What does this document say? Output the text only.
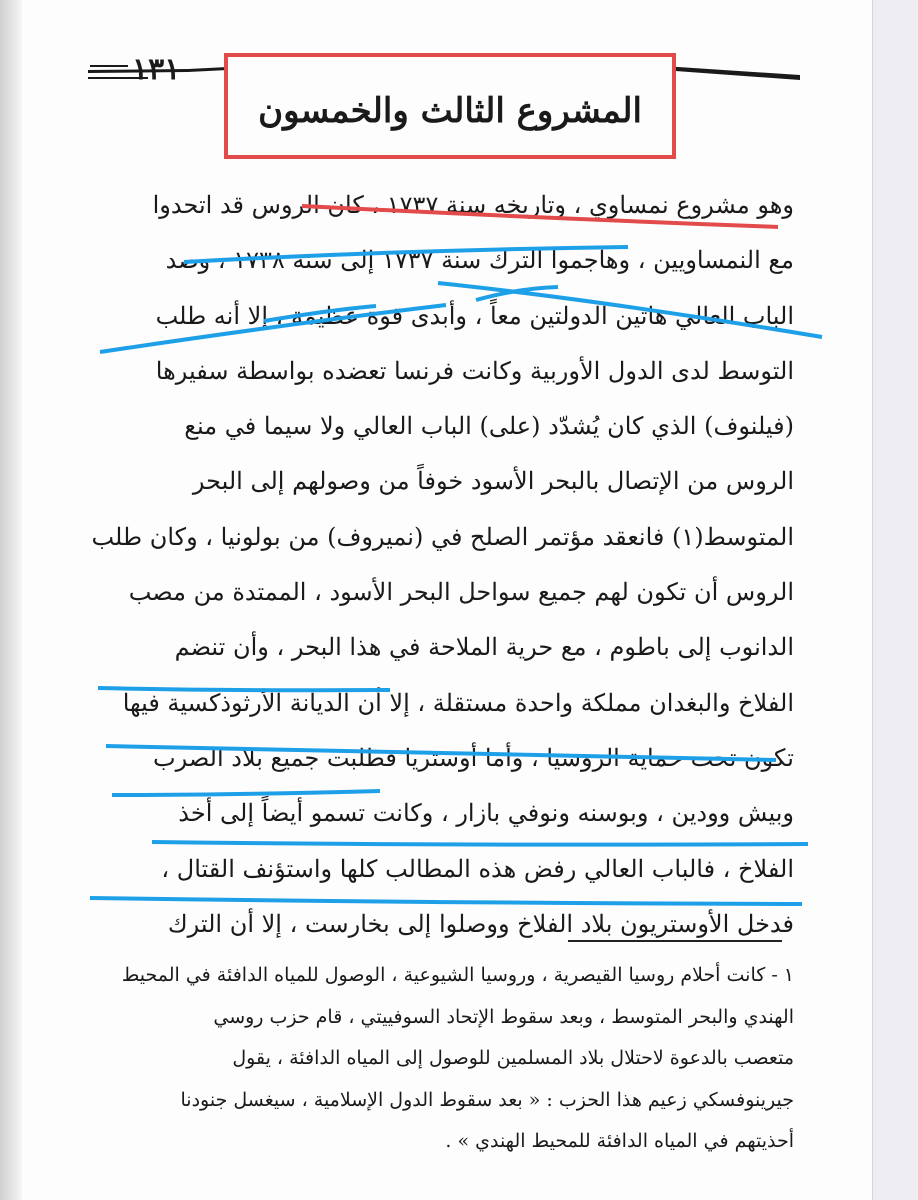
١٣١
المشروع الثالث والخمسون
وهو مشروع نمساوي ، وتاريخه سنة ١٧٣٧ ، كان الروس قد اتحدوا
مع النمساويين ، وهاجموا الترك سنة ١٧٣٧ إلى سنة ١٧٣٨ ، وصد
الباب العالي هاتين الدولتين معاً ، وأبدى قوة عظيمة ، إلا أنه طلب
التوسط لدى الدول الأوربية وكانت فرنسا تعضده بواسطة سفيرها
(فيلنوف) الذي كان يُشدّد (على) الباب العالي ولا سيما في منع
الروس من الإتصال بالبحر الأسود خوفاً من وصولهم إلى البحر
المتوسط(١) فانعقد مؤتمر الصلح في (نميروف) من بولونيا ، وكان طلب
الروس أن تكون لهم جميع سواحل البحر الأسود ، الممتدة من مصب
الدانوب إلى باطوم ، مع حرية الملاحة في هذا البحر ، وأن تنضم
الفلاخ والبغدان مملكة واحدة مستقلة ، إلا أن الديانة الأرثوذكسية فيها
تكون تحت حماية الروسيا ، وأما أوستريا فطلبت جميع بلاد الصرب
وبيش وودين ، وبوسنه ونوفي بازار ، وكانت تسمو أيضاً إلى أخذ
الفلاخ ، فالباب العالي رفض هذه المطالب كلها واستؤنف القتال ،
فدخل الأوستريون بلاد الفلاخ ووصلوا إلى بخارست ، إلا أن الترك
١ - كانت أحلام روسيا القيصرية ، وروسيا الشيوعية ، الوصول للمياه الدافئة في المحيط
الهندي والبحر المتوسط ، وبعد سقوط الإتحاد السوفييتي ، قام حزب روسي
متعصب بالدعوة لاحتلال بلاد المسلمين للوصول إلى المياه الدافئة ، يقول
جيرينوفسكي زعيم هذا الحزب : « بعد سقوط الدول الإسلامية ، سيغسل جنودنا
أحذيتهم في المياه الدافئة للمحيط الهندي » .
